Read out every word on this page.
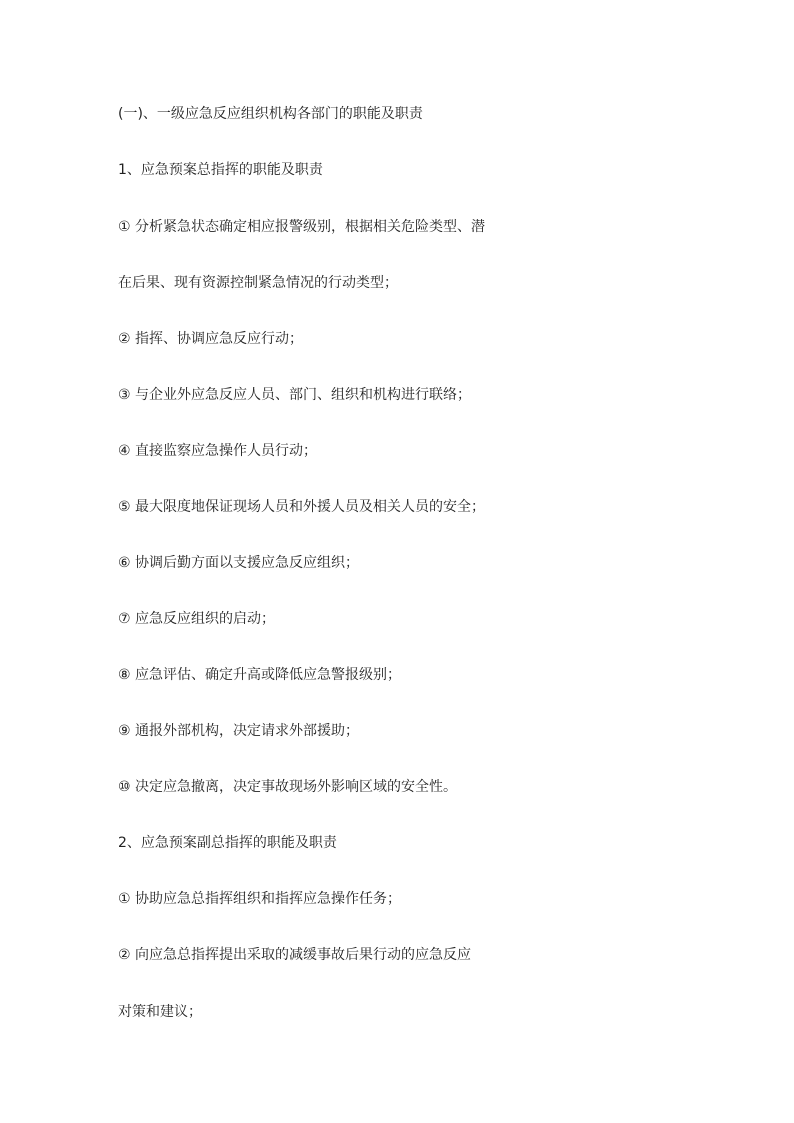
(一)、一级应急反应组织机构各部门的职能及职责
1、应急预案总指挥的职能及职责
① 分析紧急状态确定相应报警级别，根据相关危险类型、潜
在后果、现有资源控制紧急情况的行动类型；
② 指挥、协调应急反应行动；
③ 与企业外应急反应人员、部门、组织和机构进行联络；
④ 直接监察应急操作人员行动；
⑤ 最大限度地保证现场人员和外援人员及相关人员的安全；
⑥ 协调后勤方面以支援应急反应组织；
⑦ 应急反应组织的启动；
⑧ 应急评估、确定升高或降低应急警报级别；
⑨ 通报外部机构，决定请求外部援助；
⑩ 决定应急撤离，决定事故现场外影响区域的安全性。
2、应急预案副总指挥的职能及职责
① 协助应急总指挥组织和指挥应急操作任务；
② 向应急总指挥提出采取的减缓事故后果行动的应急反应
对策和建议；
